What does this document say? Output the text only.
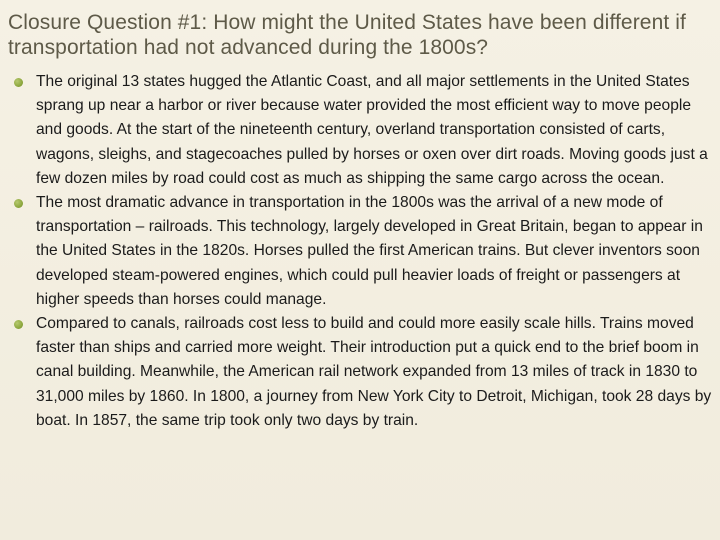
Closure Question #1: How might the United States have been different if transportation had not advanced during the 1800s?
The original 13 states hugged the Atlantic Coast, and all major settlements in the United States sprang up near a harbor or river because water provided the most efficient way to move people and goods. At the start of the nineteenth century, overland transportation consisted of carts, wagons, sleighs, and stagecoaches pulled by horses or oxen over dirt roads. Moving goods just a few dozen miles by road could cost as much as shipping the same cargo across the ocean.
The most dramatic advance in transportation in the 1800s was the arrival of a new mode of transportation – railroads. This technology, largely developed in Great Britain, began to appear in the United States in the 1820s. Horses pulled the first American trains. But clever inventors soon developed steam-powered engines, which could pull heavier loads of freight or passengers at higher speeds than horses could manage.
Compared to canals, railroads cost less to build and could more easily scale hills. Trains moved faster than ships and carried more weight. Their introduction put a quick end to the brief boom in canal building. Meanwhile, the American rail network expanded from 13 miles of track in 1830 to 31,000 miles by 1860. In 1800, a journey from New York City to Detroit, Michigan, took 28 days by boat. In 1857, the same trip took only two days by train.
